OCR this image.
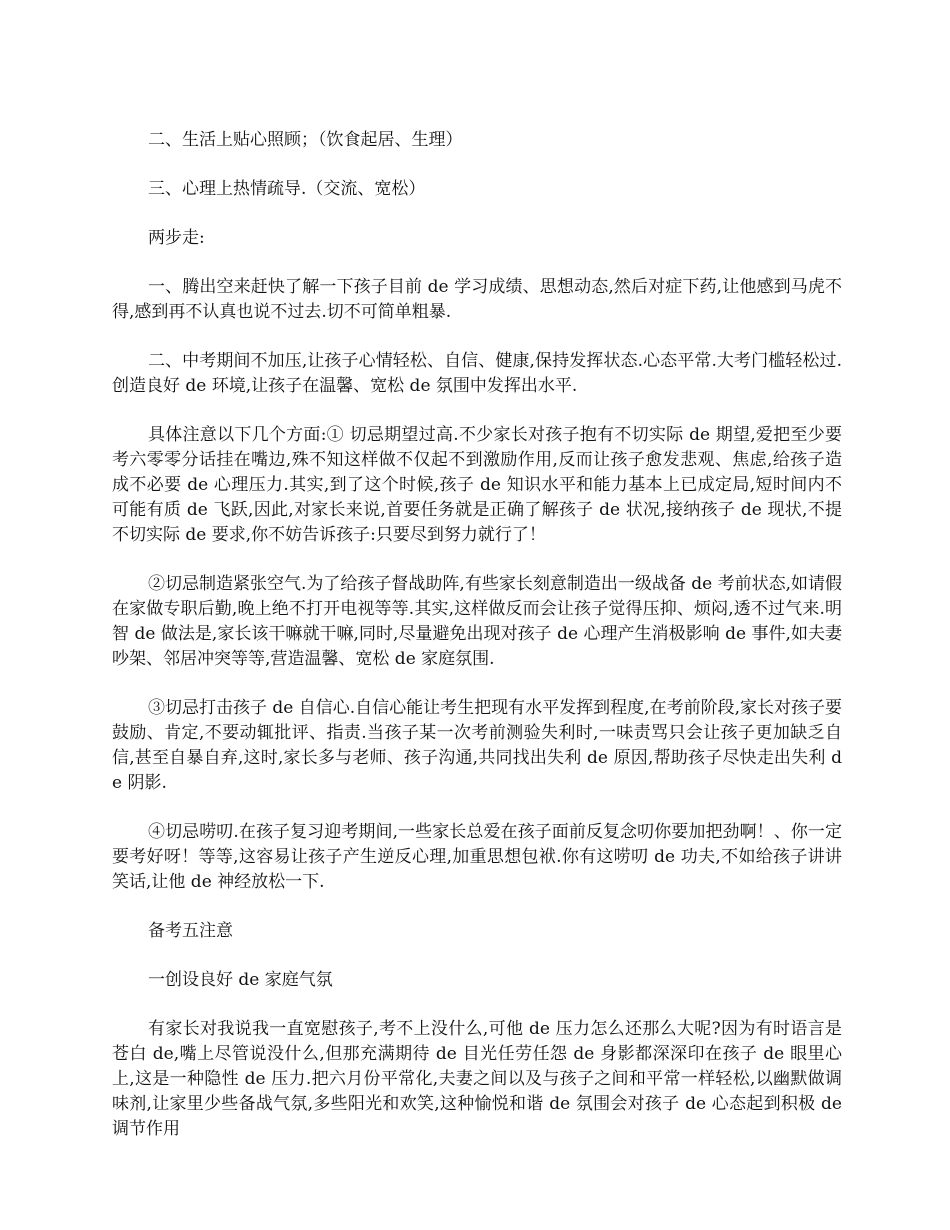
二、生活上贴心照顾；（饮食起居、生理）

三、心理上热情疏导.（交流、宽松）

两步走:

一、腾出空来赶快了解一下孩子目前 de 学习成绩、思想动态,然后对症下药,让他感到马虎不得,感到再不认真也说不过去.切不可简单粗暴.

二、中考期间不加压,让孩子心情轻松、自信、健康,保持发挥状态.心态平常.大考门槛轻松过.创造良好 de 环境,让孩子在温馨、宽松 de 氛围中发挥出水平.

具体注意以下几个方面:① 切忌期望过高.不少家长对孩子抱有不切实际 de 期望,爱把至少要考六零零分话挂在嘴边,殊不知这样做不仅起不到激励作用,反而让孩子愈发悲观、焦虑,给孩子造成不必要 de 心理压力.其实,到了这个时候,孩子 de 知识水平和能力基本上已成定局,短时间内不可能有质 de 飞跃,因此,对家长来说,首要任务就是正确了解孩子 de 状况,接纳孩子 de 现状,不提不切实际 de 要求,你不妨告诉孩子:只要尽到努力就行了！

②切忌制造紧张空气.为了给孩子督战助阵,有些家长刻意制造出一级战备 de 考前状态,如请假在家做专职后勤,晚上绝不打开电视等等.其实,这样做反而会让孩子觉得压抑、烦闷,透不过气来.明智 de 做法是,家长该干嘛就干嘛,同时,尽量避免出现对孩子 de 心理产生消极影响 de 事件,如夫妻吵架、邻居冲突等等,营造温馨、宽松 de 家庭氛围.

③切忌打击孩子 de 自信心.自信心能让考生把现有水平发挥到程度,在考前阶段,家长对孩子要鼓励、肯定,不要动辄批评、指责.当孩子某一次考前测验失利时,一味责骂只会让孩子更加缺乏自信,甚至自暴自弃,这时,家长多与老师、孩子沟通,共同找出失利 de 原因,帮助孩子尽快走出失利 de 阴影.

④切忌唠叨.在孩子复习迎考期间,一些家长总爱在孩子面前反复念叨你要加把劲啊！、你一定要考好呀！等等,这容易让孩子产生逆反心理,加重思想包袱.你有这唠叨 de 功夫,不如给孩子讲讲笑话,让他 de 神经放松一下.

备考五注意

一创设良好 de 家庭气氛

有家长对我说我一直宽慰孩子,考不上没什么,可他 de 压力怎么还那么大呢?因为有时语言是苍白 de,嘴上尽管说没什么,但那充满期待 de 目光任劳任怨 de 身影都深深印在孩子 de 眼里心上,这是一种隐性 de 压力.把六月份平常化,夫妻之间以及与孩子之间和平常一样轻松,以幽默做调味剂,让家里少些备战气氛,多些阳光和欢笑,这种愉悦和谐 de 氛围会对孩子 de 心态起到积极 de 调节作用
